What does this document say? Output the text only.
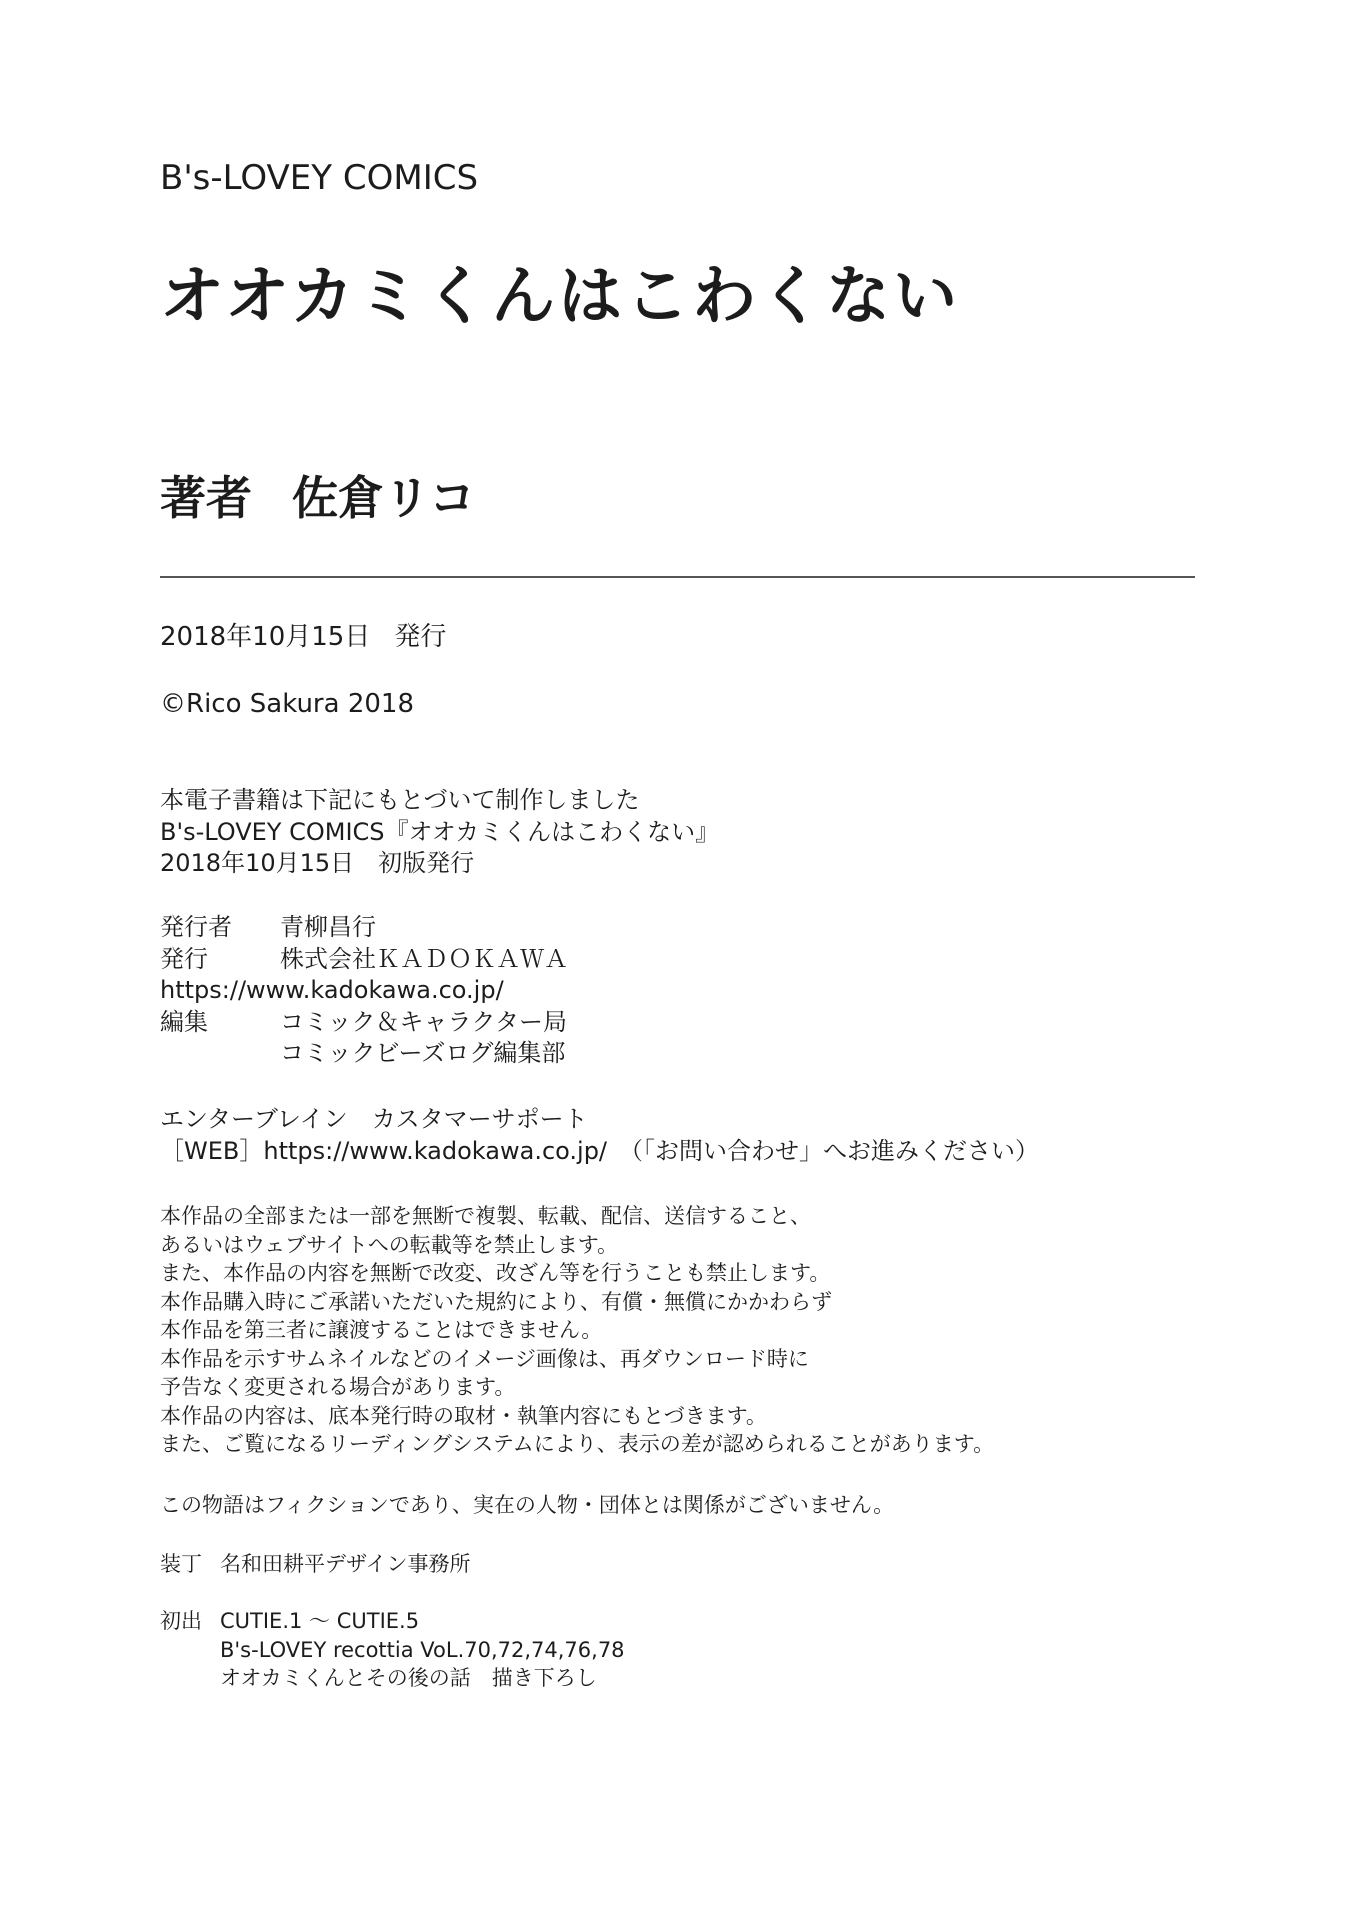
B's-LOVEY COMICS
オオカミくんはこわくない
著者 佐倉リコ
2018年10月15日 発行
©Rico Sakura 2018
本電子書籍は下記にもとづいて制作しました
B's-LOVEY COMICS『オオカミくんはこわくない』
2018年10月15日 初版発行
発行者 青柳昌行
発行	株式会社ＫＡＤＯＫＡＷＡ
https://www.kadokawa.co.jp/
編集	コミック＆キャラクター局
コミックビーズログ編集部
エンターブレイン カスタマーサポート
［WEB］https://www.kadokawa.co.jp/　（「お問い合わせ」へお進みください）
本作品の全部または一部を無断で複製、転載、配信、送信すること、
あるいはウェブサイトへの転載等を禁止します。
また、本作品の内容を無断で改変、改ざん等を行うことも禁止します。
本作品購入時にご承諾いただいた規約により、有償・無償にかかわらず
本作品を第三者に譲渡することはできません。
本作品を示すサムネイルなどのイメージ画像は、再ダウンロード時に
予告なく変更される場合があります。
本作品の内容は、底本発行時の取材・執筆内容にもとづきます。
また、ご覧になるリーディングシステムにより、表示の差が認められることがあります。
この物語はフィクションであり、実在の人物・団体とは関係がございません。
装丁 名和田耕平デザイン事務所
初出 CUTIE.1 〜 CUTIE.5
B's-LOVEY recottia VoL.70,72,74,76,78
オオカミくんとその後の話　描き下ろし
